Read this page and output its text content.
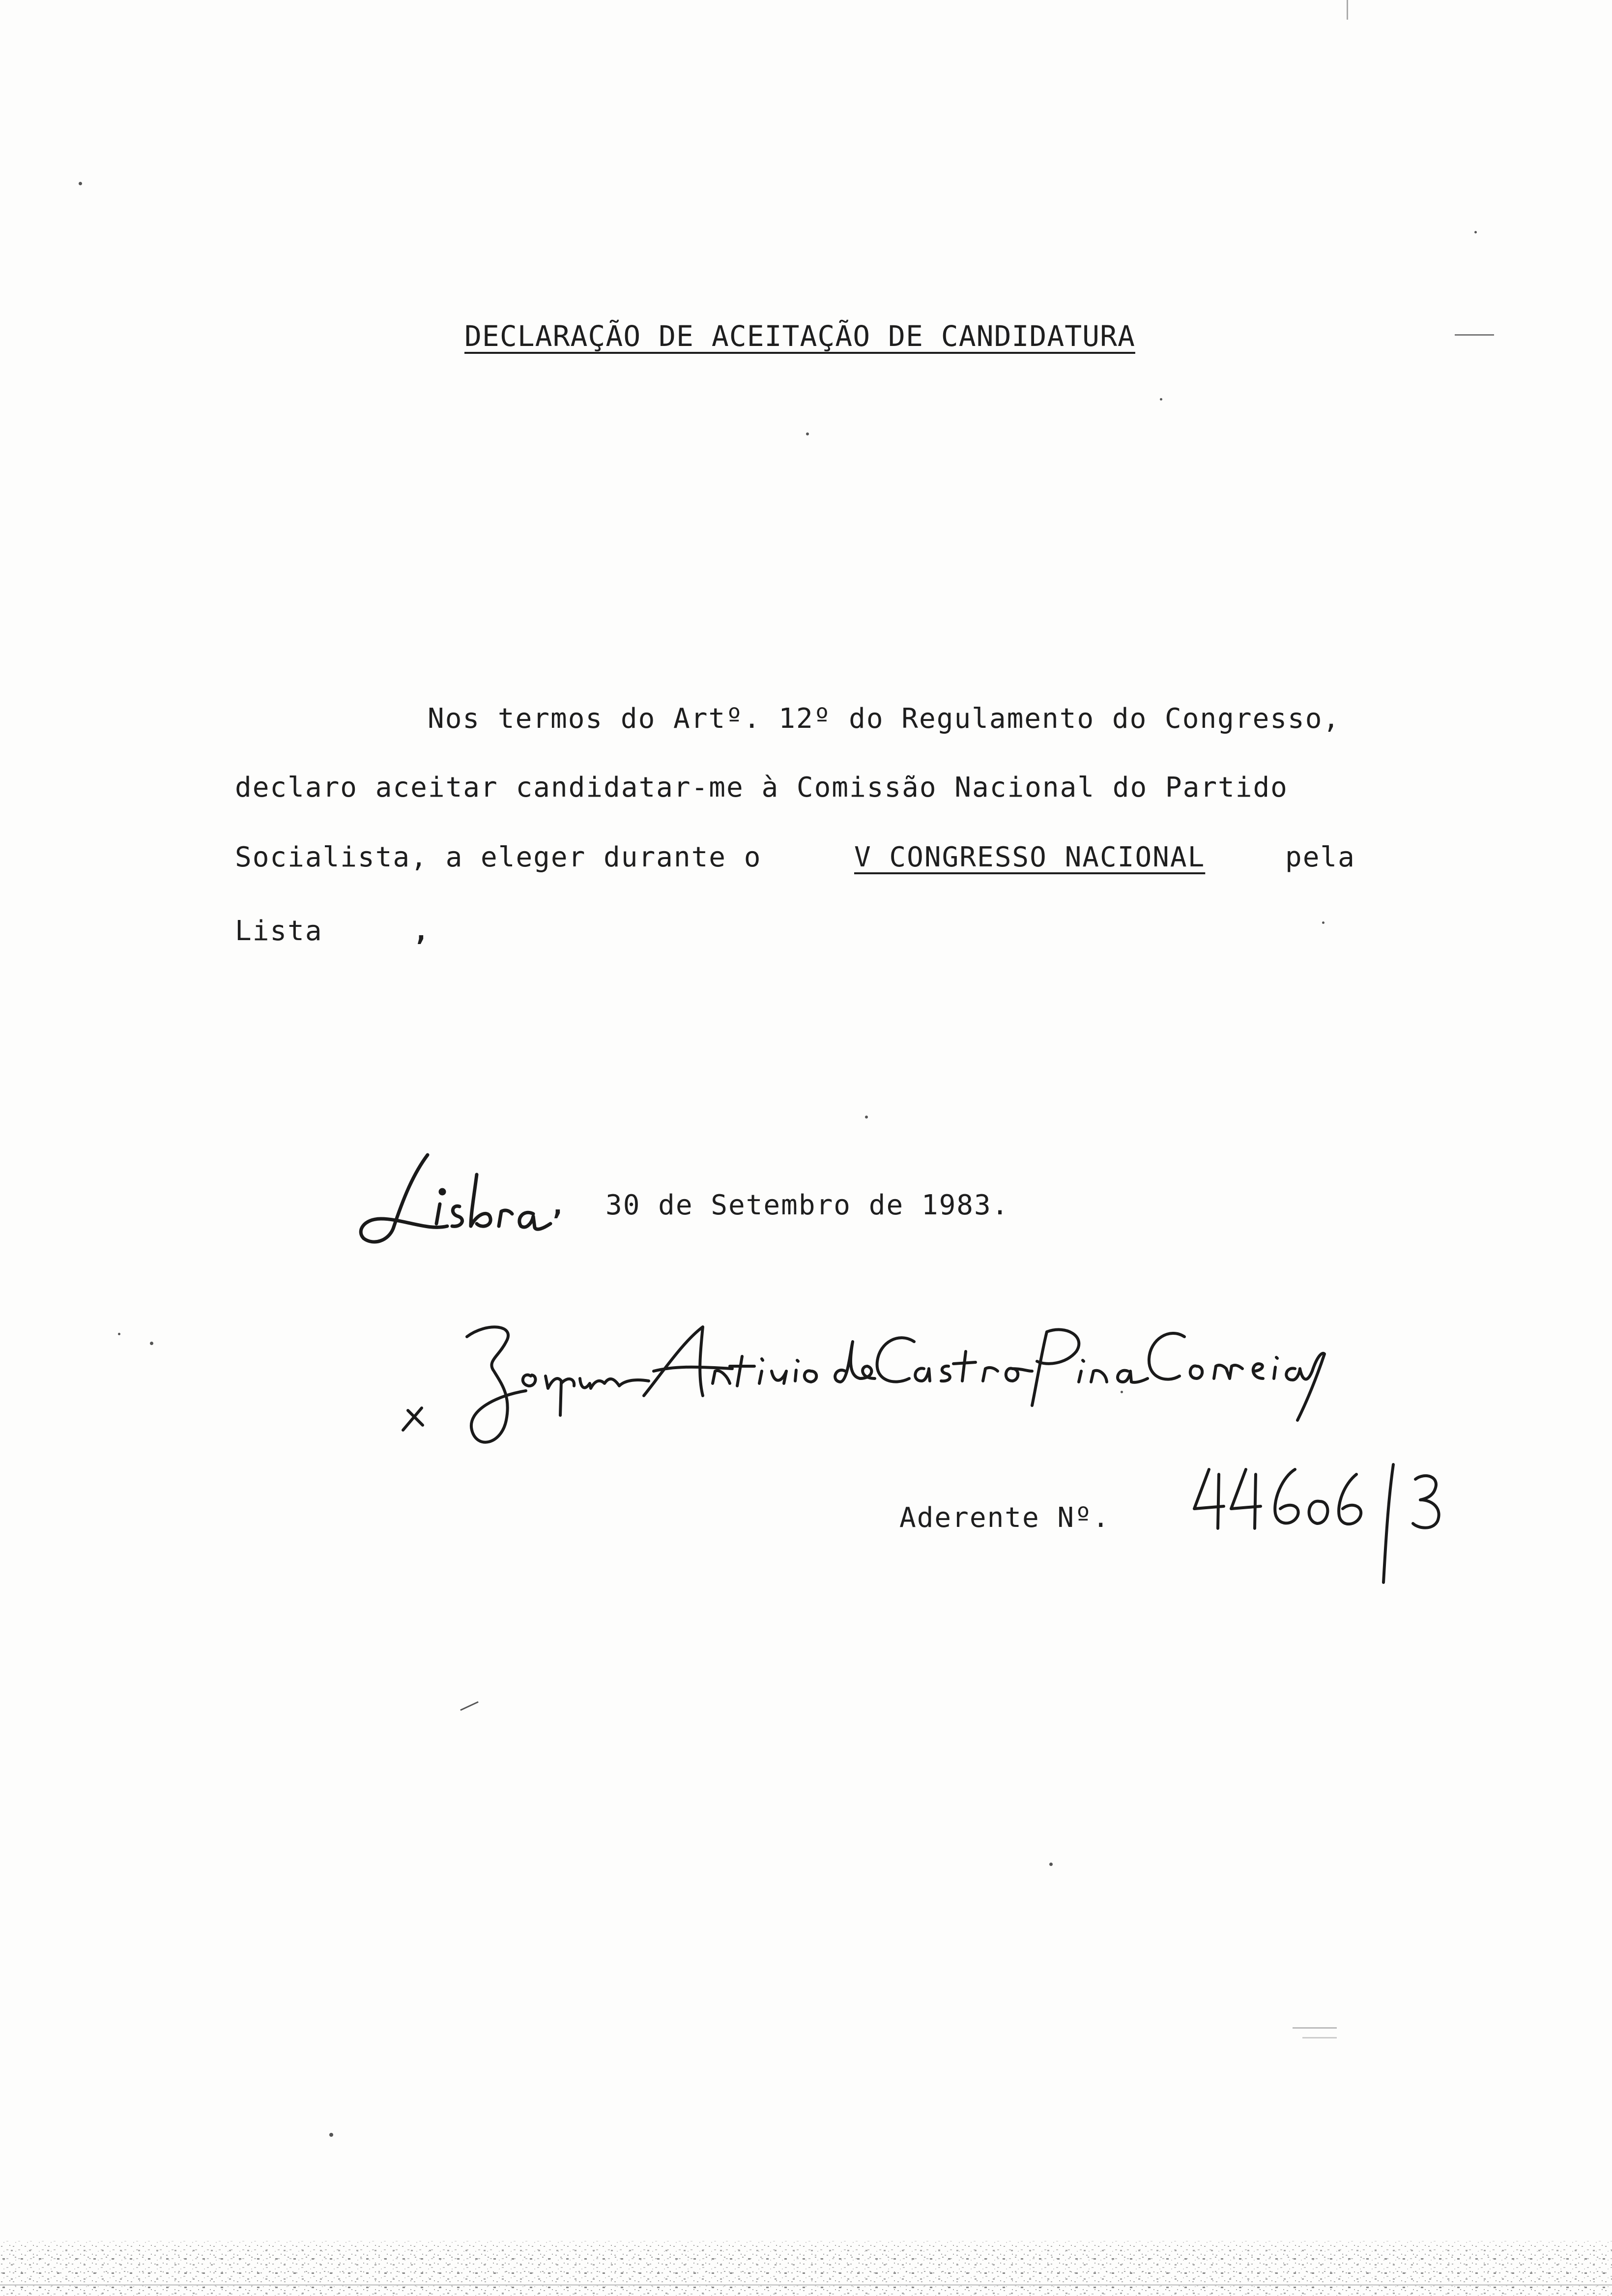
DECLARAÇÃO DE ACEITAÇÃO DE CANDIDATURA
Nos termos do Artº. 12º do Regulamento do Congresso,
declaro aceitar candidatar-me à Comissão Nacional do Partido
Socialista, a eleger durante o	V CONGRESSO NACIONAL	pela
Lista	,
, 30 de Setembro de 1983.
Aderente Nº.
